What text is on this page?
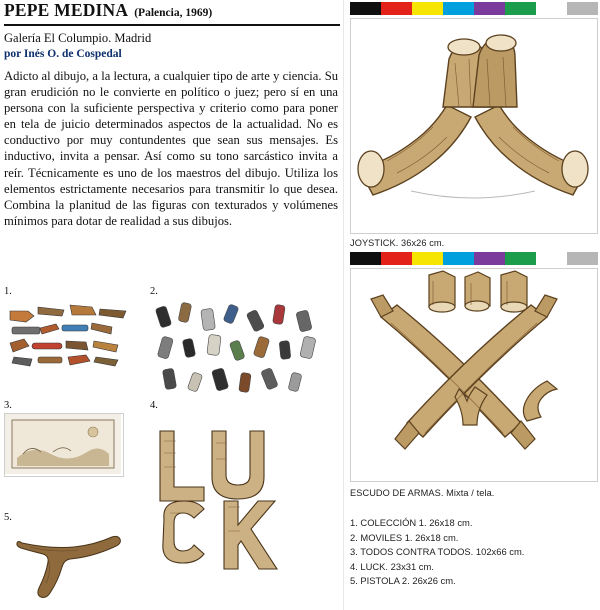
PEPE MEDINA (Palencia, 1969)
Galería El Columpio. Madrid
por Inés O. de Cospedal
Adicto al dibujo, a la lectura, a cualquier tipo de arte y ciencia. Su gran erudición no le convierte en político o juez; pero sí en una persona con la suficiente perspectiva y criterio como para poner en tela de juicio determinados aspectos de la actualidad. No es conductivo por muy contundentes que sean sus mensajes. Es inductivo, invita a pensar. Así como su tono sarcástico invita a reír. Técnicamente es uno de los maestros del dibujo. Utiliza los elementos estrictamente necesarios para transmitir lo que desea. Combina la planitud de las figuras con texturados y volúmenes mínimos para dotar de realidad a sus dibujos.
1.	2.
3.	4.
5.
JOYSTICK. 36x26 cm.
ESCUDO DE ARMAS. Mixta / tela.
1. COLECCIÓN 1. 26x18 cm.
2. MOVILES 1. 26x18 cm.
3. TODOS CONTRA TODOS. 102x66 cm.
4. LUCK. 23x31 cm.
5. PISTOLA 2. 26x26 cm.
